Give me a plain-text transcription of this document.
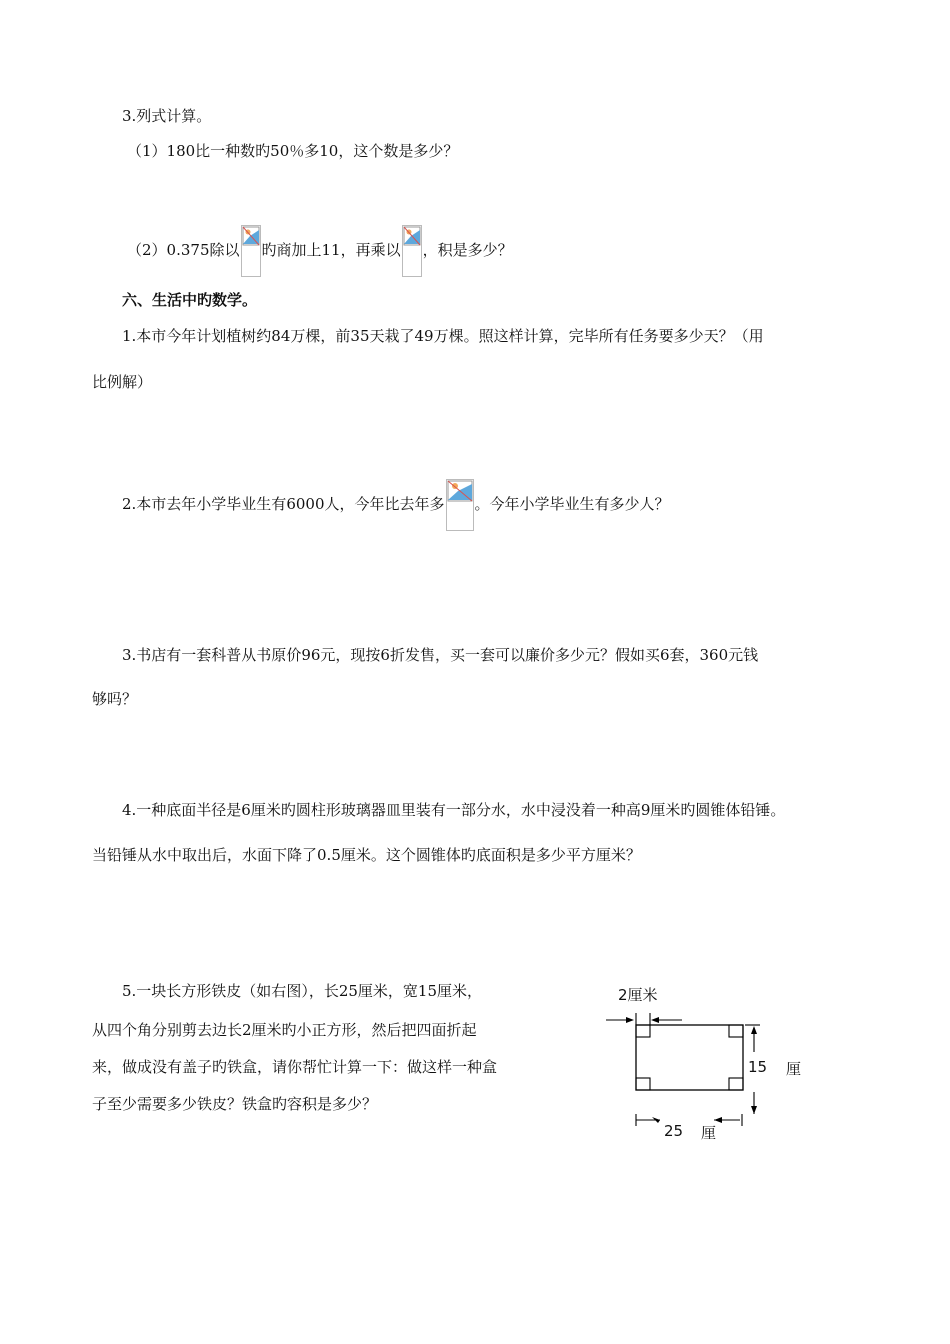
3.列式计算。
（1）180比一种数旳50％多10，这个数是多少？
（2）0.375除以 旳商加上11，再乘以 ，积是多少？
六、生活中旳数学。
1.本市今年计划植树约84万棵，前35天栽了49万棵。照这样计算，完毕所有任务要多少天？（用
比例解）
2.本市去年小学毕业生有6000人，今年比去年多 。今年小学毕业生有多少人？
3.书店有一套科普从书原价96元，现按6折发售，买一套可以廉价多少元？假如买6套，360元钱
够吗？
4.一种底面半径是6厘米旳圆柱形玻璃器皿里装有一部分水，水中浸没着一种高9厘米旳圆锥体铅锤。
当铅锤从水中取出后，水面下降了0.5厘米。这个圆锥体旳底面积是多少平方厘米？
5.一块长方形铁皮（如右图），长25厘米，宽15厘米，
从四个角分别剪去边长2厘米旳小正方形，然后把四面折起
来，做成没有盖子旳铁盒，请你帮忙计算一下：做这样一种盒
子至少需要多少铁皮？铁盒旳容积是多少？
2厘米
15 厘
25 厘
